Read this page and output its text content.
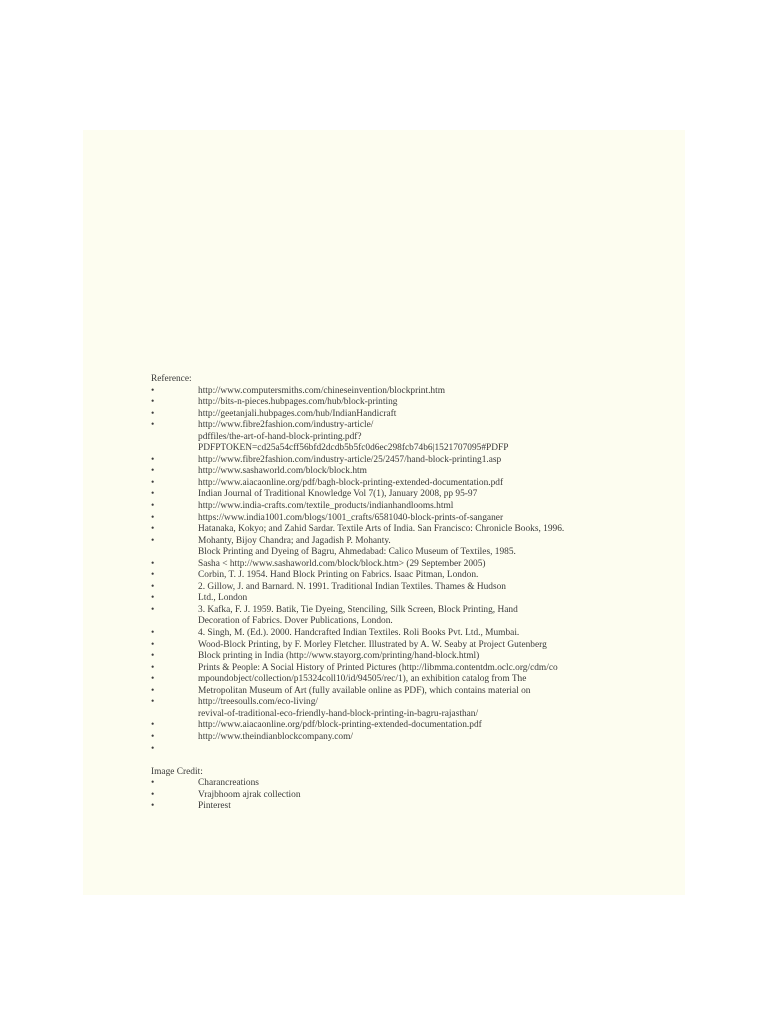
Reference:
•	http://www.computersmiths.com/chineseinvention/blockprint.htm
•	http://bits-n-pieces.hubpages.com/hub/block-printing
•	http://geetanjali.hubpages.com/hub/IndianHandicraft
•	http://www.fibre2fashion.com/industry-article/
pdffiles/the-art-of-hand-block-printing.pdf?
PDFPTOKEN=cd25a54cff56bfd2dcdb5b5fc0d6ec298fcb74b6|1521707095#PDFP
•	http://www.fibre2fashion.com/industry-article/25/2457/hand-block-printing1.asp
•	http://www.sashaworld.com/block/block.htm
•	http://www.aiacaonline.org/pdf/bagh-block-printing-extended-documentation.pdf
•	Indian Journal of Traditional Knowledge Vol 7(1), January 2008, pp 95-97
•	http://www.india-crafts.com/textile_products/indianhandlooms.html
•	https://www.india1001.com/blogs/1001_crafts/6581040-block-prints-of-sanganer
•	Hatanaka, Kokyo; and Zahid Sardar. Textile Arts of India. San Francisco: Chronicle Books, 1996.
•	Mohanty, Bijoy Chandra; and Jagadish P. Mohanty.
Block Printing and Dyeing of Bagru, Ahmedabad: Calico Museum of Textiles, 1985.
•	Sasha < http://www.sashaworld.com/block/block.htm> (29 September 2005)
•	Corbin, T. J. 1954. Hand Block Printing on Fabrics. Isaac Pitman, London.
•	2. Gillow, J. and Barnard. N. 1991. Traditional Indian Textiles. Thames & Hudson
•	Ltd., London
•	3. Kafka, F. J. 1959. Batik, Tie Dyeing, Stenciling, Silk Screen, Block Printing, Hand
Decoration of Fabrics. Dover Publications, London.
•	4. Singh, M. (Ed.). 2000. Handcrafted Indian Textiles. Roli Books Pvt. Ltd., Mumbai.
•	Wood-Block Printing, by F. Morley Fletcher. Illustrated by A. W. Seaby at Project Gutenberg
•	Block printing in India (http://www.stayorg.com/printing/hand-block.html)
•	Prints & People: A Social History of Printed Pictures (http://libmma.contentdm.oclc.org/cdm/co
•	mpoundobject/collection/p15324coll10/id/94505/rec/1), an exhibition catalog from The
•	Metropolitan Museum of Art (fully available online as PDF), which contains material on
•	http://treesoulls.com/eco-living/
revival-of-traditional-eco-friendly-hand-block-printing-in-bagru-rajasthan/
•	http://www.aiacaonline.org/pdf/block-printing-extended-documentation.pdf
•	http://www.theindianblockcompany.com/
•

Image Credit:
•	Charancreations
•	Vrajbhoom ajrak collection
•	Pinterest
